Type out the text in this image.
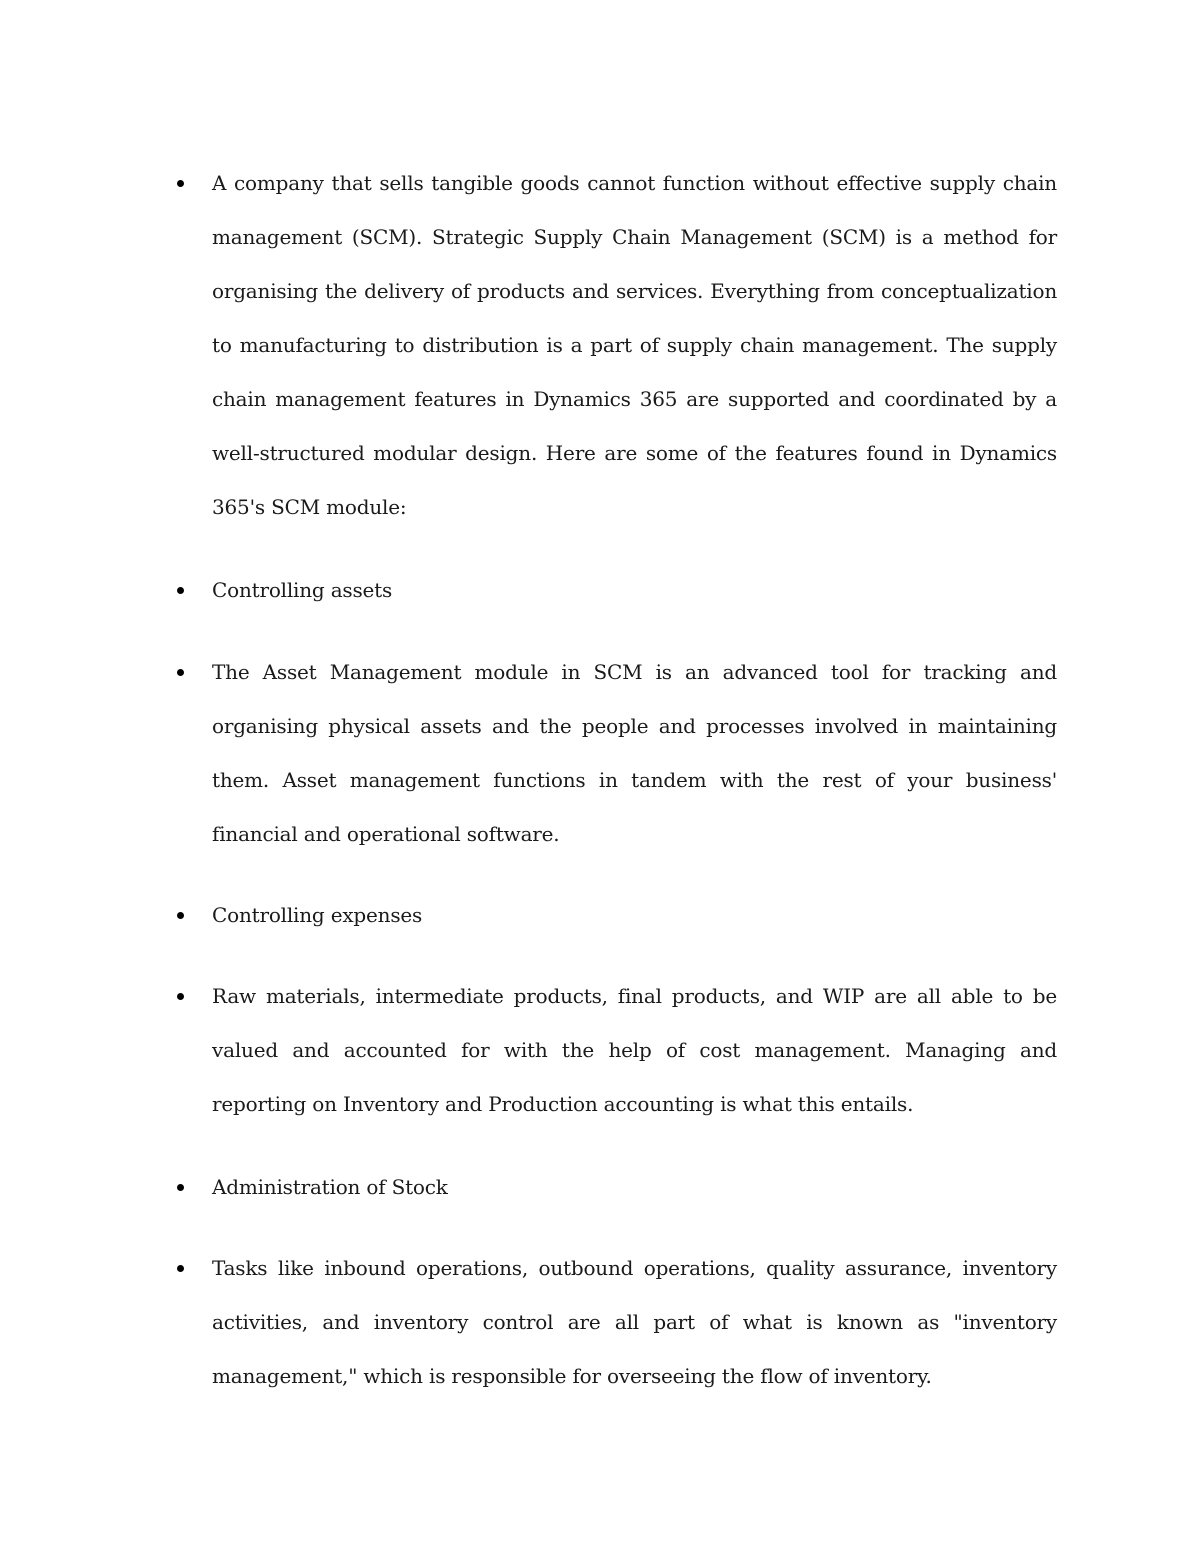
A company that sells tangible goods cannot function without effective supply chain management (SCM). Strategic Supply Chain Management (SCM) is a method for organising the delivery of products and services. Everything from conceptualization to manufacturing to distribution is a part of supply chain management. The supply chain management features in Dynamics 365 are supported and coordinated by a well-structured modular design. Here are some of the features found in Dynamics 365's SCM module:

Controlling assets

The Asset Management module in SCM is an advanced tool for tracking and organising physical assets and the people and processes involved in maintaining them. Asset management functions in tandem with the rest of your business' financial and operational software.

Controlling expenses

Raw materials, intermediate products, final products, and WIP are all able to be valued and accounted for with the help of cost management. Managing and reporting on Inventory and Production accounting is what this entails.

Administration of Stock

Tasks like inbound operations, outbound operations, quality assurance, inventory activities, and inventory control are all part of what is known as "inventory management," which is responsible for overseeing the flow of inventory.
